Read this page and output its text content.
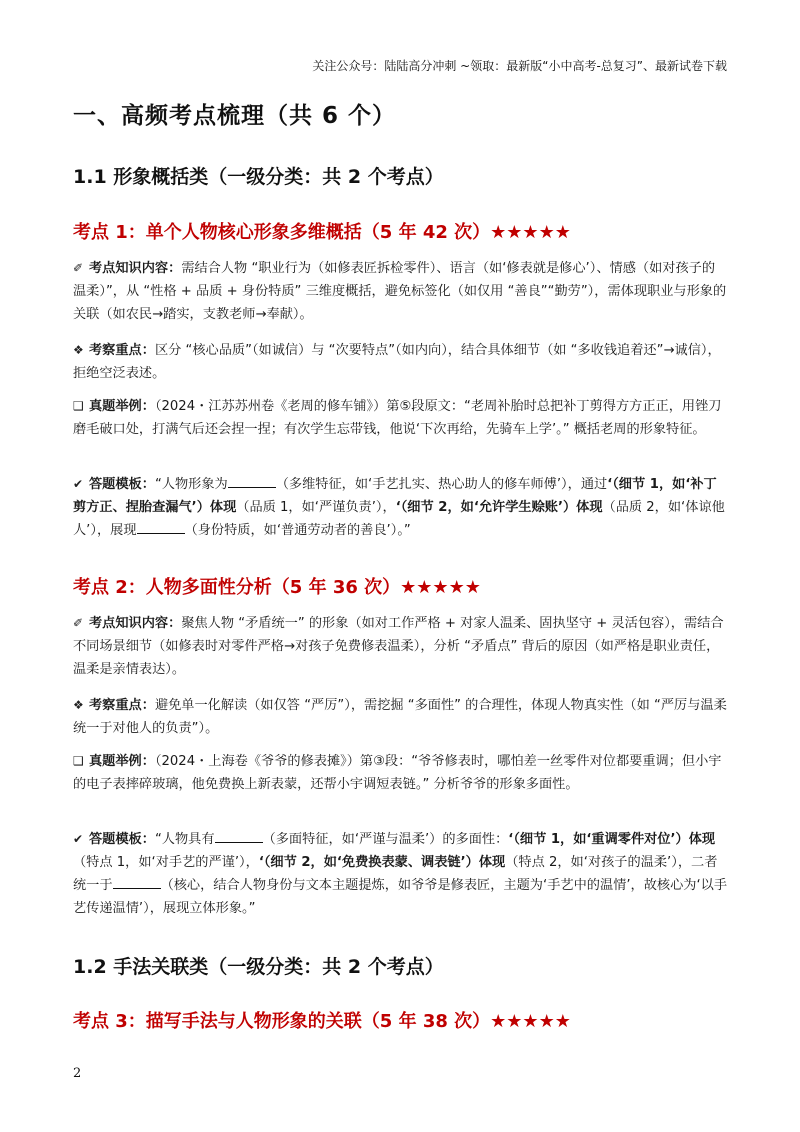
关注公众号：陆陆高分冲刺 ~领取：最新版“小中高考-总复习”、最新试卷下载
一、高频考点梳理（共 6 个）
1.1 形象概括类（一级分类：共 2 个考点）
考点 1：单个人物核心形象多维概括（5 年 42 次）★★★★★
✐ 考点知识内容：需结合人物 “职业行为（如修表匠拆检零件）、语言（如‘修表就是修心’）、情感（如对孩子的温柔）”，从 “性格 + 品质 + 身份特质” 三维度概括，避免标签化（如仅用 “善良”“勤劳”），需体现职业与形象的关联（如农民→踏实，支教老师→奉献）。
❖ 考察重点：区分 “核心品质”（如诚信）与 “次要特点”（如内向），结合具体细节（如 “多收钱追着还”→诚信），拒绝空泛表述。
❑ 真题举例：（2024・江苏苏州卷《老周的修车铺》）第⑤段原文：“老周补胎时总把补丁剪得方方正正，用锉刀磨毛破口处，打满气后还会捏一捏；有次学生忘带钱，他说‘下次再给，先骑车上学’。” 概括老周的形象特征。
✔ 答题模板：“人物形象为	（多维特征，如‘手艺扎实、热心助人的修车师傅’），通过‘（细节 1，如‘补丁剪方正、捏胎查漏气’）体现（品质 1，如‘严谨负责’），‘（细节 2，如‘允许学生赊账’）体现（品质 2，如‘体谅他人’），展现	（身份特质，如‘普通劳动者的善良’）。”
考点 2：人物多面性分析（5 年 36 次）★★★★★
✐ 考点知识内容：聚焦人物 “矛盾统一” 的形象（如对工作严格 + 对家人温柔、固执坚守 + 灵活包容），需结合不同场景细节（如修表时对零件严格→对孩子免费修表温柔），分析 “矛盾点” 背后的原因（如严格是职业责任，温柔是亲情表达）。
❖ 考察重点：避免单一化解读（如仅答 “严厉”），需挖掘 “多面性” 的合理性，体现人物真实性（如 “严厉与温柔统一于对他人的负责”）。
❑ 真题举例：（2024・上海卷《爷爷的修表摊》）第③段：“爷爷修表时，哪怕差一丝零件对位都要重调；但小宇的电子表摔碎玻璃，他免费换上新表蒙，还帮小宇调短表链。” 分析爷爷的形象多面性。
✔ 答题模板：“人物具有	（多面特征，如‘严谨与温柔’）的多面性：‘（细节 1，如‘重调零件对位’）体现（特点 1，如‘对手艺的严谨’），‘（细节 2，如‘免费换表蒙、调表链’）体现（特点 2，如‘对孩子的温柔’），二者统一于	（核心，结合人物身份与文本主题提炼，如爷爷是修表匠，主题为‘手艺中的温情’，故核心为‘以手艺传递温情’），展现立体形象。”
1.2 手法关联类（一级分类：共 2 个考点）
考点 3：描写手法与人物形象的关联（5 年 38 次）★★★★★
2
